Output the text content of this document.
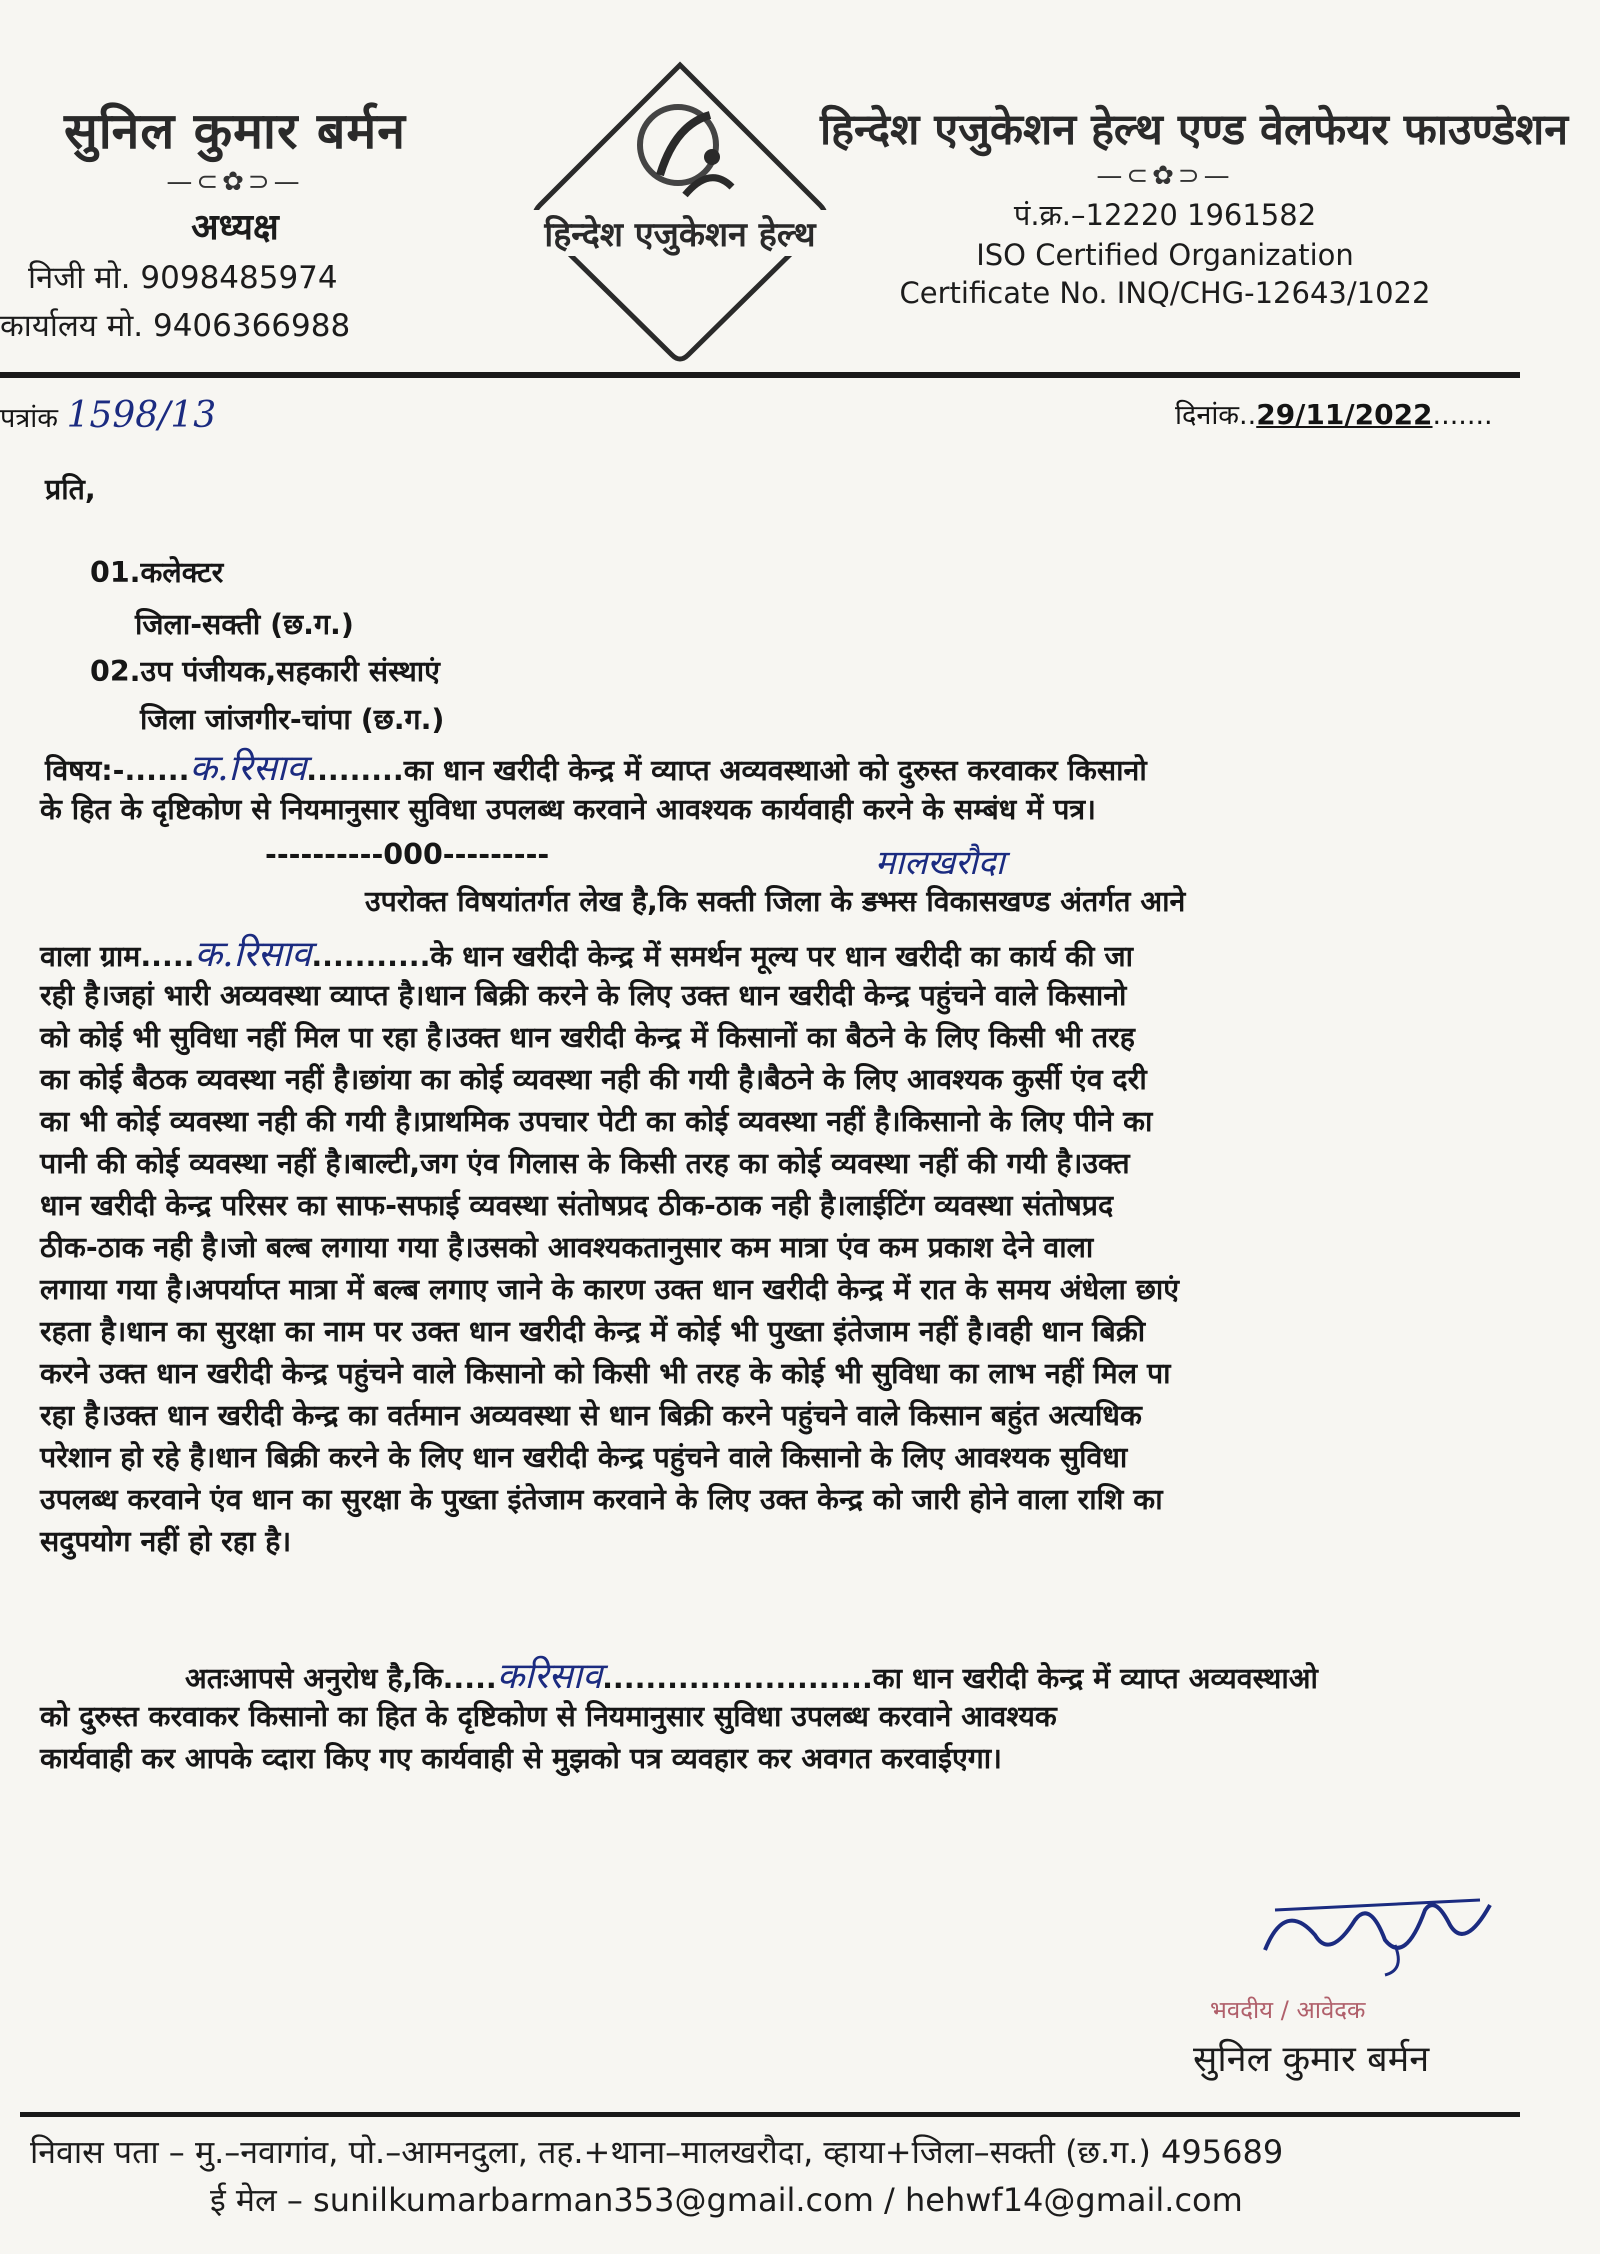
सुनिल कुमार बर्मन
—⊂✿⊃—
अध्यक्ष
निजी मो. 9098485974
कार्यालय मो. 9406366988
हिन्देश एजुकेशन हेल्थ
हिन्देश एजुकेशन हेल्थ एण्ड वेलफेयर फाउण्डेशन
—⊂✿⊃—
पं.क्र.–12220 1961582
ISO Certified Organization
Certificate No. INQ/CHG-12643/1022
पत्रांक 1598/13	दिनांक..29/11/2022.......
प्रति,
01.कलेक्टर
जिला-सक्ती (छ.ग.)
02.उप पंजीयक,सहकारी संस्थाएं
जिला जांजगीर-चांपा (छ.ग.)
विषय:-......क.रिसाव.........का धान खरीदी केन्द्र में व्याप्त अव्यवस्थाओ को दुरुस्त करवाकर किसानो
के हित के दृष्टिकोण से नियमानुसार सुविधा उपलब्ध करवाने आवश्यक कार्यवाही करने के सम्बंध में पत्र।
----------000---------	मालखरौदा
उपरोक्त विषयांतर्गत लेख है,कि सक्ती जिला के डभरा विकासखण्ड अंतर्गत आने
वाला ग्राम.....क.रिसाव...........के धान खरीदी केन्द्र में समर्थन मूल्य पर धान खरीदी का कार्य की जा
रही है।जहां भारी अव्यवस्था व्याप्त है।धान बिक्री करने के लिए उक्त धान खरीदी केन्द्र पहुंचने वाले किसानो
को कोई भी सुविधा नहीं मिल पा रहा है।उक्त धान खरीदी केन्द्र में किसानों का बैठने के लिए किसी भी तरह
का कोई बैठक व्यवस्था नहीं है।छांया का कोई व्यवस्था नही की गयी है।बैठने के लिए आवश्यक कुर्सी एंव दरी
का भी कोई व्यवस्था नही की गयी है।प्राथमिक उपचार पेटी का कोई व्यवस्था नहीं है।किसानो के लिए पीने का
पानी की कोई व्यवस्था नहीं है।बाल्टी,जग एंव गिलास के किसी तरह का कोई व्यवस्था नहीं की गयी है।उक्त
धान खरीदी केन्द्र परिसर का साफ-सफाई व्यवस्था संतोषप्रद ठीक-ठाक नही है।लाईटिंग व्यवस्था संतोषप्रद
ठीक-ठाक नही है।जो बल्ब लगाया गया है।उसको आवश्यकतानुसार कम मात्रा एंव कम प्रकाश देने वाला
लगाया गया है।अपर्याप्त मात्रा में बल्ब लगाए जाने के कारण उक्त धान खरीदी केन्द्र में रात के समय अंधेला छाएं
रहता है।धान का सुरक्षा का नाम पर उक्त धान खरीदी केन्द्र में कोई भी पुख्ता इंतेजाम नहीं है।वही धान बिक्री
करने उक्त धान खरीदी केन्द्र पहुंचने वाले किसानो को किसी भी तरह के कोई भी सुविधा का लाभ नहीं मिल पा
रहा है।उक्त धान खरीदी केन्द्र का वर्तमान अव्यवस्था से धान बिक्री करने पहुंचने वाले किसान बहुंत अत्यधिक
परेशान हो रहे है।धान बिक्री करने के लिए धान खरीदी केन्द्र पहुंचने वाले किसानो के लिए आवश्यक सुविधा
उपलब्ध करवाने एंव धान का सुरक्षा के पुख्ता इंतेजाम करवाने के लिए उक्त केन्द्र को जारी होने वाला राशि का
सदुपयोग नहीं हो रहा है।
अतःआपसे अनुरोध है,कि.....करिसाव.........................का धान खरीदी केन्द्र में व्याप्त अव्यवस्थाओ
को दुरुस्त करवाकर किसानो का हित के दृष्टिकोण से नियमानुसार सुविधा उपलब्ध करवाने आवश्यक
कार्यवाही कर आपके व्दारा किए गए कार्यवाही से मुझको पत्र व्यवहार कर अवगत करवाईएगा।
भवदीय / आवेदक
सुनिल कुमार बर्मन
निवास पता – मु.–नवागांव, पो.–आमनदुला, तह.+थाना–मालखरौदा, व्हाया+जिला–सक्ती (छ.ग.) 495689
ई मेल – sunilkumarbarman353@gmail.com / hehwf14@gmail.com
